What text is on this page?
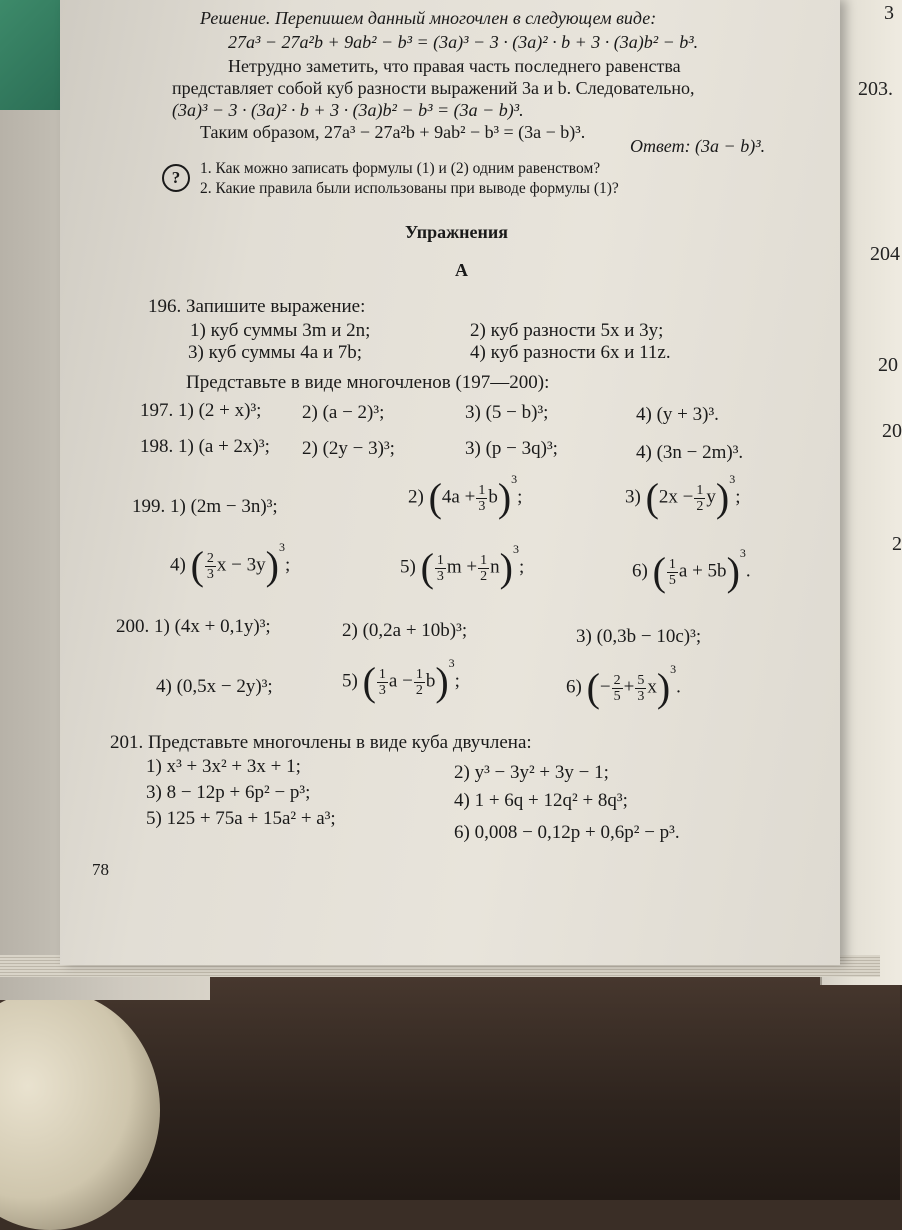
3
203.
204
20
20
2
Решение. Перепишем данный многочлен в следующем виде:
27a³ − 27a²b + 9ab² − b³ = (3a)³ − 3 · (3a)² · b + 3 · (3a)b² − b³.
Нетрудно заметить, что правая часть последнего равенства
представляет собой куб разности выражений 3a и b. Следовательно,
(3a)³ − 3 · (3a)² · b + 3 · (3a)b² − b³ = (3a − b)³.
Таким образом, 27a³ − 27a²b + 9ab² − b³ = (3a − b)³.
Ответ: (3a − b)³.
?	1. Как можно записать формулы (1) и (2) одним равенством?
2. Какие правила были использованы при выводе формулы (1)?
Упражнения
А
196. Запишите выражение:
1) куб суммы 3m и 2n;	2) куб разности 5x и 3y;
3) куб суммы 4a и 7b;	4) куб разности 6x и 11z.
Представьте в виде многочленов (197—200):
197. 1) (2 + x)³; 2) (a − 2)³;	3) (5 − b)³;	4) (y + 3)³.
198. 1) (a + 2x)³; 2) (2y − 3)³;	3) (p − 3q)³;	4) (3n − 2m)³.
199. 1) (2m − 3n)³;	2) $(4a + \frac{1}{3} b)^3$;	3) $(2x - \frac{1}{2} y)^3$;
4) ( $\frac{2}{3}$ x − 3y)$^3$;	5) ( $\frac{1}{3}$ $m + \frac{1}{2} n)^3$;	6) ( $\frac{1}{5}$ a + 5b)$^3$.
200. 1) (4x + 0,1y)³;	2) (0,2a + 10b)³;	3) (0,3b − 10c)³;
4) (0,5x − 2y)³;	5) ( $\frac{1}{3}$ $a - \frac{1}{2} b)^3$;	6) (− $\frac{2}{5} + \frac{5}{3} x)^3$.
201. Представьте многочлены в виде куба двучлена:
1) x³ + 3x² + 3x + 1;	2) y³ − 3y² + 3y − 1;
3) 8 − 12p + 6p² − p³;	4) 1 + 6q + 12q² + 8q³;
5) 125 + 75a + 15a² + a³;
6) 0,008 − 0,12p + 0,6p² − p³.
78
